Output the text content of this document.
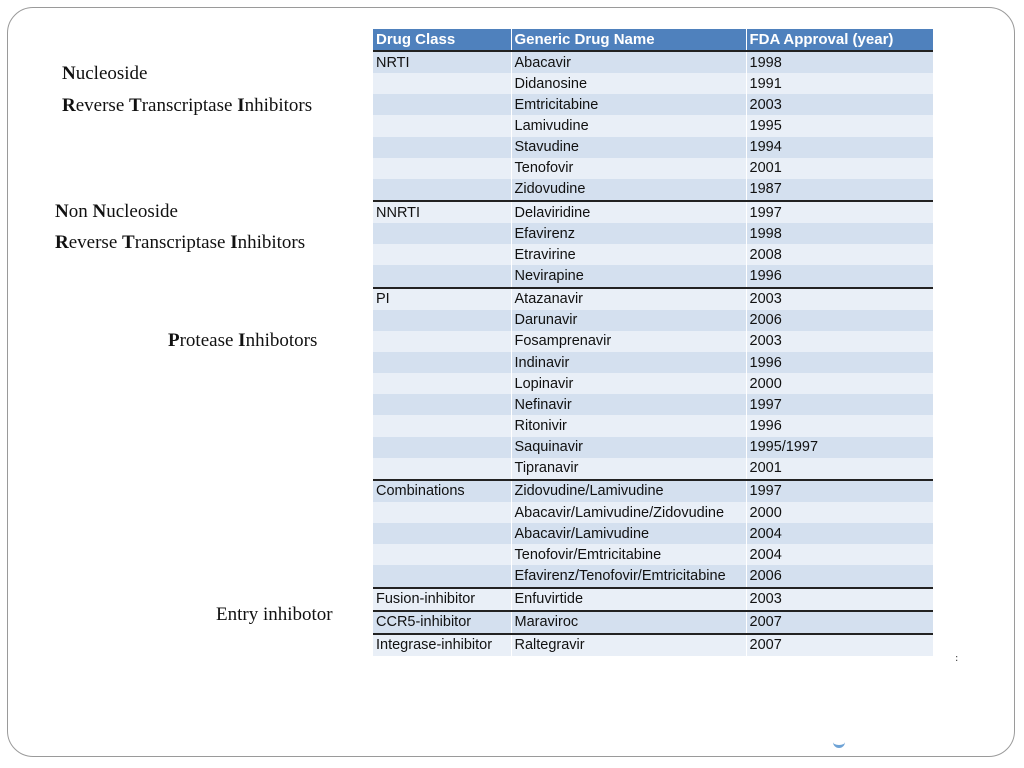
Nucleoside
Reverse Transcriptase Inhibitors
Non Nucleoside
Reverse Transcriptase Inhibitors
Protease Inhibotors
Entry inhibotor
Drug Class	Generic Drug Name	FDA Approval (year)
NRTI	Abacavir	1998
	Didanosine	1991
	Emtricitabine	2003
	Lamivudine	1995
	Stavudine	1994
	Tenofovir	2001
	Zidovudine	1987
NNRTI	Delaviridine	1997
	Efavirenz	1998
	Etravirine	2008
	Nevirapine	1996
PI	Atazanavir	2003
	Darunavir	2006
	Fosamprenavir	2003
	Indinavir	1996
	Lopinavir	2000
	Nefinavir	1997
	Ritonivir	1996
	Saquinavir	1995/1997
	Tipranavir	2001
Combinations	Zidovudine/Lamivudine	1997
	Abacavir/Lamivudine/Zidovudine	2000
	Abacavir/Lamivudine	2004
	Tenofovir/Emtricitabine	2004
	Efavirenz/Tenofovir/Emtricitabine	2006
Fusion-inhibitor	Enfuvirtide	2003
CCR5-inhibitor	Maraviroc	2007
Integrase-inhibitor	Raltegravir	2007
:
